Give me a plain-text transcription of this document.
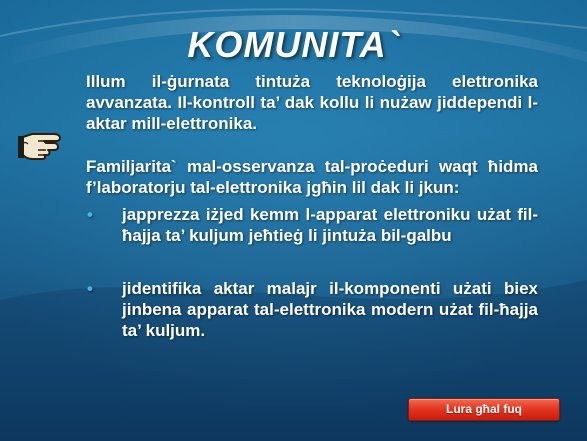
KOMUNITA`

Illum il-ġurnata tintuża teknoloġija elettronika avvanzata. Il-kontroll ta’ dak kollu li nużaw jiddependi l-aktar mill-elettronika.

Familjarita` mal-osservanza tal-proċeduri waqt ħidma f’laboratorju tal-elettronika jgħin lil dak li jkun:

• japprezza iżjed kemm l-apparat elettroniku użat fil-ħajja ta’ kuljum jeħtieġ li jintuża bil-galbu
• jidentifika aktar malajr il-komponenti użati biex jinbena apparat tal-elettronika modern użat fil-ħajja ta’ kuljum.
Lura għal fuq
